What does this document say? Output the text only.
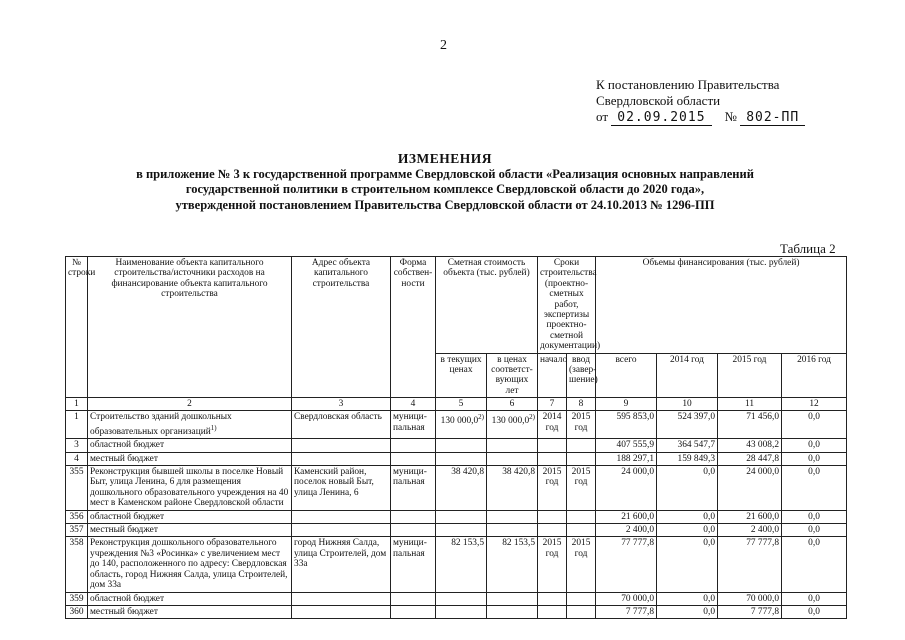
2
К постановлению Правительства
Свердловской области
от 02.09.2015 № 802-ПП
ИЗМЕНЕНИЯ
в приложение № 3 к государственной программе Свердловской области «Реализация основных направлений
государственной политики в строительном комплексе Свердловской области до 2020 года»,
утвержденной постановлением Правительства Свердловской области от 24.10.2013 № 1296-ПП
Таблица 2
№ строки	Наименование объекта капитального строительства/источники расходов на финансирование объекта капитального строительства	Адрес объекта капитального строительства	Форма собствен-ности	Сметная стоимость объекта (тыс. рублей)		Сроки строительства (проектно-сметных работ, экспертизы проектно-сметной документации)		Объемы финансирования (тыс. рублей)			
				в текущих ценах	в ценах соответст-вующих лет	начало	ввод (завер-шение)	всего	2014 год	2015 год	2016 год
1	2	3	4	5	6	7	8	9	10	11	12
1	Строительство зданий дошкольных образовательных организаций$^{1)}$	Свердловская область	муници-пальная	130 000,0$^{2)}$	130 000,0$^{2)}$	2014 год	2015 год	595 853,0	524 397,0	71 456,0	0,0
3	областной бюджет							407 555,9	364 547,7	43 008,2	0,0
4	местный бюджет							188 297,1	159 849,3	28 447,8	0,0
355	Реконструкция бывшей школы в поселке Новый Быт, улица Ленина, 6 для размещения дошкольного образовательного учреждения на 40 мест в Каменском районе Свердловской области	Каменский район, поселок новый Быт, улица Ленина, 6	муници-пальная	38 420,8	38 420,8	2015 год	2015 год	24 000,0	0,0	24 000,0	0,0
356	областной бюджет							21 600,0	0,0	21 600,0	0,0
357	местный бюджет							2 400,0	0,0	2 400,0	0,0
358	Реконструкция дошкольного образовательного учреждения №3 «Росинка» с увеличением мест до 140, расположенного по адресу: Свердловская область, город Нижняя Салда, улица Строителей, дом 33а	город Нижняя Салда, улица Строителей, дом 33а	муници-пальная	82 153,5	82 153,5	2015 год	2015 год	77 777,8	0,0	77 777,8	0,0
359	областной бюджет							70 000,0	0,0	70 000,0	0,0
360	местный бюджет							7 777,8	0,0	7 777,8	0,0
